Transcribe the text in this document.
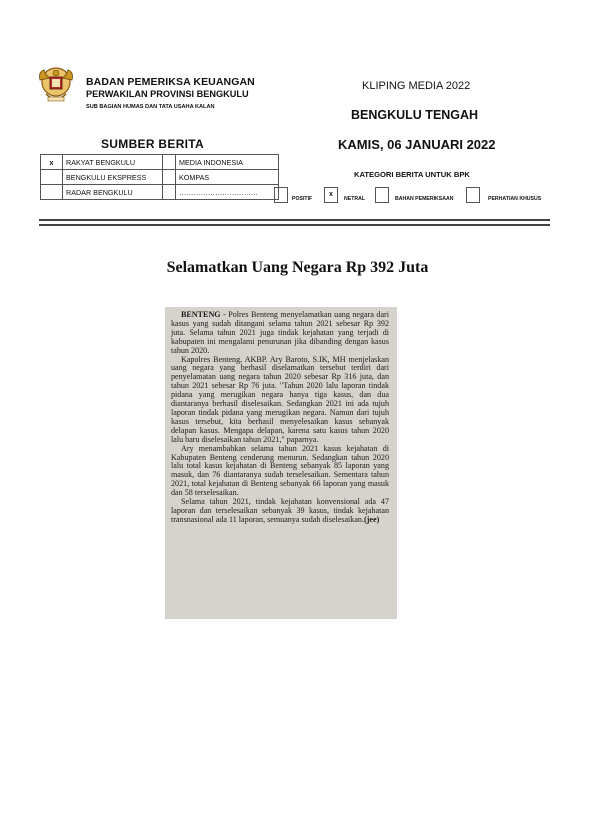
BADAN PEMERIKSA KEUANGAN
PERWAKILAN PROVINSI BENGKULU
SUB BAGIAN HUMAS DAN TATA USAHA KALAN
KLIPING MEDIA 2022
BENGKULU TENGAH
SUMBER BERITA	KAMIS, 06 JANUARI 2022
x	RAKYAT BENGKULU		MEDIA INDONESIA
	BENGKULU EKSPRESS		KOMPAS
	RADAR BENGKULU		……………………………
KATEGORI BERITA UNTUK BPK
POSITIF
x
NETRAL	BAHAN PEMERIKSAAN	PERHATIAN KHUSUS
Selamatkan Uang Negara Rp 392 Juta

BENTENG - Polres Benteng menyelamatkan uang negara dari kasus yang sudah ditangani selama tahun 2021 sebesar Rp 392 juta. Selama tahun 2021 juga tindak kejahatan yang terjadi di kabupaten ini mengalami penurunan jika dibanding dengan kasus tahun 2020.

Kapolres Benteng, AKBP. Ary Baroto, S.IK, MH menjelaskan uang negara yang berhasil diselamatkan tersebut terdiri dari penyelamatan uang negara tahun 2020 sebesar Rp 316 juta, dan tahun 2021 sebesar Rp 76 juta. "Tahun 2020 lalu laporan tindak pidana yang merugikan negara hanya tiga kasus, dan dua diantaranya berhasil diselesaikan. Sedangkan 2021 ini ada tujuh laporan tindak pidana yang merugikan negara. Namun dari tujuh kasus tersebut, kita berhasil menyelesaikan kasus sebanyak delapan kasus. Mengapa delapan, karena satu kasus tahun 2020 lalu baru diselesaikan tahun 2021," paparnya.

Ary menambahkan selama tahun 2021 kasus kejahatan di Kabupaten Benteng cenderung menurun. Sedangkan tahun 2020 lalu total kasus kejahatan di Benteng sebanyak 85 laporan yang masuk, dan 76 diantaranya sudah terselesaikan. Sementara tahun 2021, total kejahatan di Benteng sebanyak 66 laporan yang masuk dan 58 terselesaikan.

Selama tahun 2021, tindak kejahatan konvensional ada 47 laporan dan terselesaikan sebanyak 39 kasus, tindak kejahatan transnasional ada 11 laporan, semuanya sudah diselesaikan.(jee)
